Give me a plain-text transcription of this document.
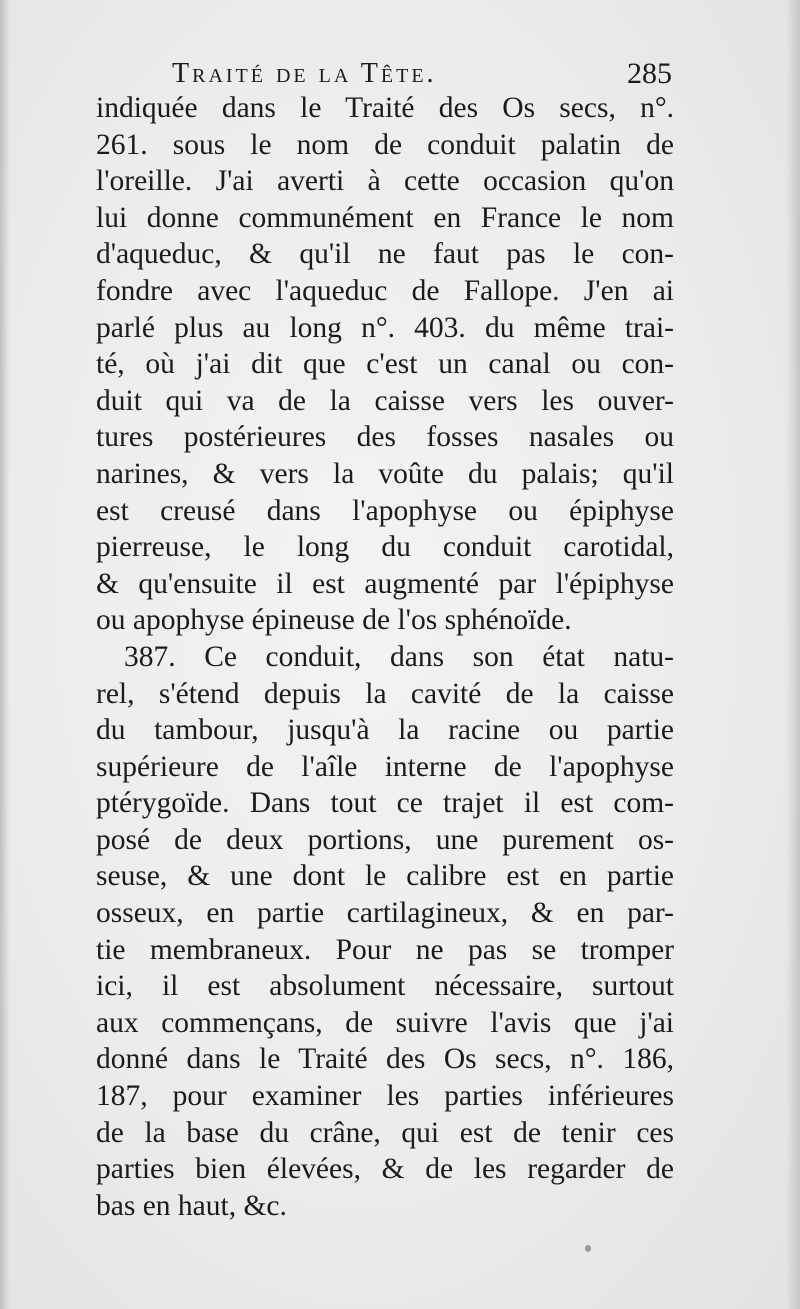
Traité de la Tête.	285
indiquée dans le Traité des Os secs, n°.
261. sous le nom de conduit palatin de
l'oreille. J'ai averti à cette occasion qu'on
lui donne communément en France le nom
d'aqueduc, & qu'il ne faut pas le con-
fondre avec l'aqueduc de Fallope. J'en ai
parlé plus au long n°. 403. du même trai-
té, où j'ai dit que c'est un canal ou con-
duit qui va de la caisse vers les ouver-
tures postérieures des fosses nasales ou
narines, & vers la voûte du palais; qu'il
est creusé dans l'apophyse ou épiphyse
pierreuse, le long du conduit carotidal,
& qu'ensuite il est augmenté par l'épiphyse
ou apophyse épineuse de l'os sphénoïde.
387. Ce conduit, dans son état natu-
rel, s'étend depuis la cavité de la caisse
du tambour, jusqu'à la racine ou partie
supérieure de l'aîle interne de l'apophyse
ptérygoïde. Dans tout ce trajet il est com-
posé de deux portions, une purement os-
seuse, & une dont le calibre est en partie
osseux, en partie cartilagineux, & en par-
tie membraneux. Pour ne pas se tromper
ici, il est absolument nécessaire, surtout
aux commençans, de suivre l'avis que j'ai
donné dans le Traité des Os secs, n°. 186,
187, pour examiner les parties inférieures
de la base du crâne, qui est de tenir ces
parties bien élevées, & de les regarder de
bas en haut, &c.
